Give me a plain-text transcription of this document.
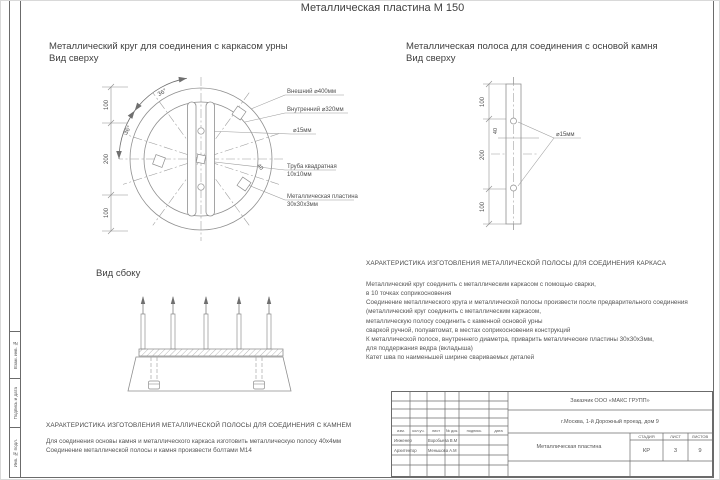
Металлическая пластина М 150
Металлический круг для соединения с каркасом урны
Вид сверху
Металлическая полоса для соединения с основой камня
Вид сверху
Вид сбоку
36°
36°
40
100
200
100
Внешний ⌀400мм
Внутренний ⌀320мм
⌀15мм
Труба квадратная
10х10мм
Металлическая пластина
30х30х3мм
100
200
100
40
⌀15мм
ХАРАКТЕРИСТИКА ИЗГОТОВЛЕНИЯ МЕТАЛЛИЧЕСКОЙ ПОЛОСЫ ДЛЯ СОЕДИНЕНИЯ КАРКАСА
Металлический круг соединить с металлическим каркасом с помощью сварки,
в 10 точках соприкосновения
Соединение металлического круга и металлической полосы произвести после предварительного соединения
(металлический круг соединить с металлическим каркасом,
металлическую полосу соединить с каменной основой урны
сваркой ручной, полуавтомат, в местах соприкосновения конструкций
К металлической полосе, внутреннего диаметра, приварить металлические пластины 30х30х3мм,
для поддержания ведра (вкладыша)
Катет шва по наименьшей ширине свариваемых деталей
ХАРАКТЕРИСТИКА ИЗГОТОВЛЕНИЯ МЕТАЛЛИЧЕСКОЙ ПОЛОСЫ ДЛЯ СОЕДИНЕНИЯ С КАМНЕМ
Для соединения основы камня и металлического каркаса изготовить металлическую полосу 40х4мм
Соединение металлической полосы и камня произвести болтами М14
Заказчик ООО «МАКС ГРУПП»
г.Москва, 1-й Дорожный проезд, дом 9
Металлическая пластина
СТАДИЯ	ЛИСТ	ЛИСТОВ
КР	3	9
изм.	кол.уч.	лист	№ док.	подпись	дата
Инженер	Воробьева В.М
Архитектор	Меньшова А.М
Взам. инв. №
Подпись и дата
Инв. № подл.
